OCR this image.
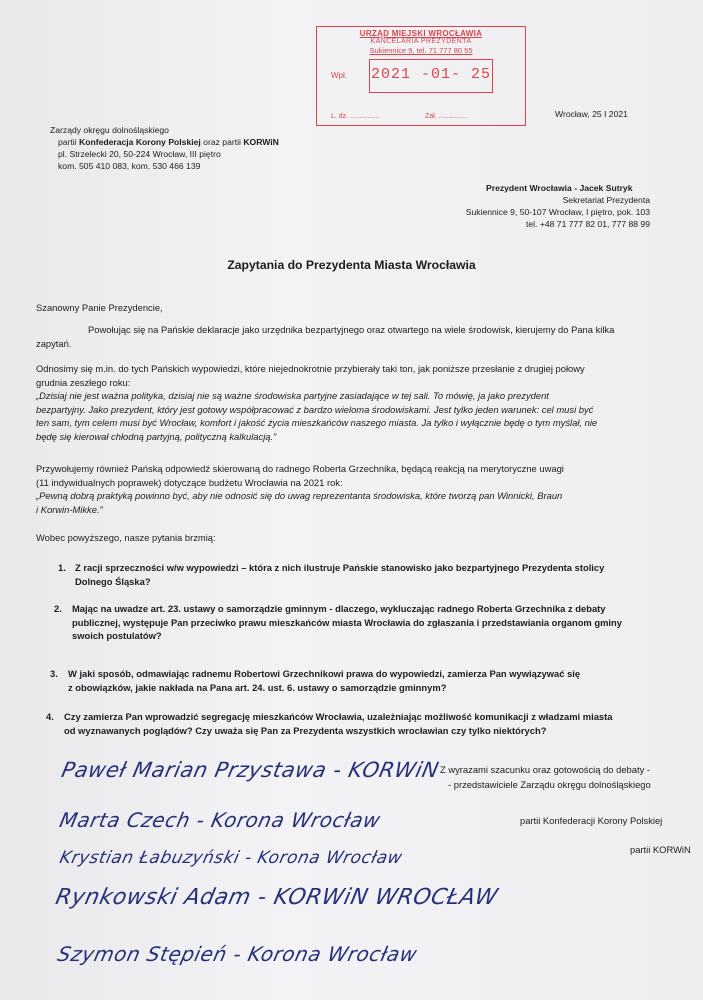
URZĄD MIEJSKI WROCŁAWIA
KANCELARIA PREZYDENTA
Sukiennice 9, tel. 71 777 80 55
Wpł. 2021 -01- 25
L. dz. ...............	Zał. ...............	Wrocław, 25 I 2021
Zarządy okręgu dolnośląskiego
partii Konfederacja Korony Polskiej oraz partii KORWiN
pl. Strzelecki 20, 50-224 Wrocław, III piętro
kom. 505 410 083, kom. 530 466 139
Prezydent Wrocławia - Jacek Sutryk
Sekretariat Prezydenta
Sukiennice 9, 50-107 Wrocław, I piętro, pok. 103
tel. +48 71 777 82 01, 777 88 99
Zapytania do Prezydenta Miasta Wrocławia
Szanowny Panie Prezydencie,
Powołując się na Pańskie deklaracje jako urzędnika bezpartyjnego oraz otwartego na wiele środowisk, kierujemy do Pana kilka
zapytań.
Odnosimy się m.in. do tych Pańskich wypowiedzi, które niejednokrotnie przybierały taki ton, jak poniższe przesłanie z drugiej połowy
grudnia zeszłego roku:
„Dzisiaj nie jest ważna polityka, dzisiaj nie są ważne środowiska partyjne zasiadające w tej sali. To mówię, ja jako prezydent
bezpartyjny. Jako prezydent, który jest gotowy współpracować z bardzo wieloma środowiskami. Jest tylko jeden warunek: cel musi być
ten sam, tym celem musi być Wrocław, komfort i jakość życia mieszkańców naszego miasta. Ja tylko i wyłącznie będę o tym myślał, nie
będę się kierował chłodną partyjną, polityczną kalkulacją.”
Przywołujemy również Pańską odpowiedź skierowaną do radnego Roberta Grzechnika, będącą reakcją na merytoryczne uwagi
(11 indywidualnych poprawek) dotyczące budżetu Wrocławia na 2021 rok:
„Pewną dobrą praktyką powinno być, aby nie odnosić się do uwag reprezentanta środowiska, które tworzą pan Winnicki, Braun
i Korwin-Mikke.”
Wobec powyższego, nasze pytania brzmią:
1. Z racji sprzeczności w/w wypowiedzi – która z nich ilustruje Pańskie stanowisko jako bezpartyjnego Prezydenta stolicy
Dolnego Śląska?
2. Mając na uwadze art. 23. ustawy o samorządzie gminnym - dlaczego, wykluczając radnego Roberta Grzechnika z debaty
publicznej, występuje Pan przeciwko prawu mieszkańców miasta Wrocławia do zgłaszania i przedstawiania organom gminy
swoich postulatów?
3. W jaki sposób, odmawiając radnemu Robertowi Grzechnikowi prawa do wypowiedzi, zamierza Pan wywiązywać się
z obowiązków, jakie nakłada na Pana art. 24. ust. 6. ustawy o samorządzie gminnym?
4. Czy zamierza Pan wprowadzić segregację mieszkańców Wrocławia, uzależniając możliwość komunikacji z władzami miasta
od wyznawanych poglądów? Czy uważa się Pan za Prezydenta wszystkich wrocławian czy tylko niektórych?
Z wyrazami szacunku oraz gotowością do debaty -
- przedstawiciele Zarządu okręgu dolnośląskiego
partii Konfederacji Korony Polskiej
partii KORWiN
Paweł Marian Przystawa - KORWiN
Marta Czech - Korona Wrocław
Krystian Łabuzyński - Korona Wrocław
Rynkowski Adam - KORWiN WROCŁAW
Szymon Stępień - Korona Wrocław
